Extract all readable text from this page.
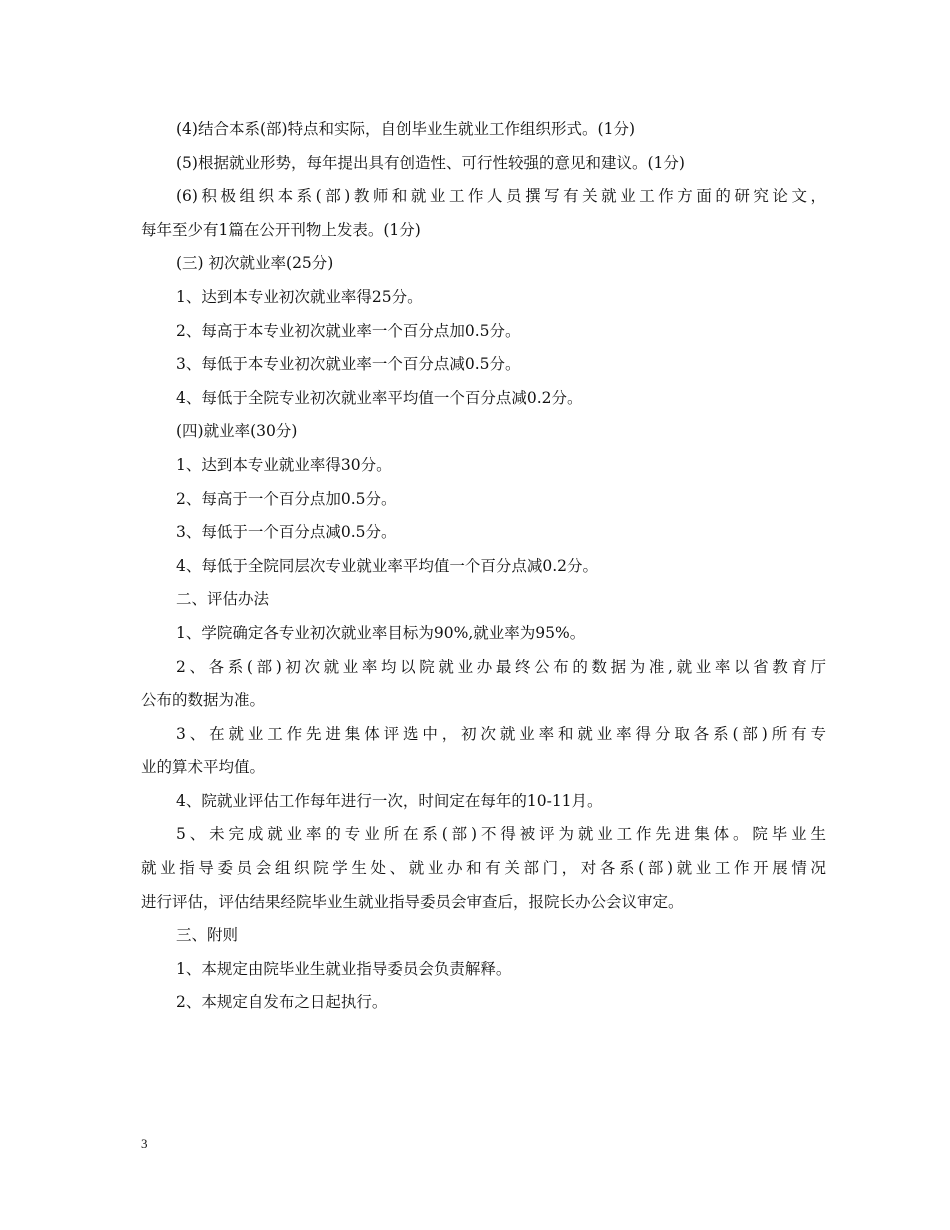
(4)结合本系(部)特点和实际，自创毕业生就业工作组织形式。(1分)
(5)根据就业形势，每年提出具有创造性、可行性较强的意见和建议。(1分)
(6)积极组织本系(部)教师和就业工作人员撰写有关就业工作方面的研究论文，
每年至少有1篇在公开刊物上发表。(1分)
(三) 初次就业率(25分)
1、达到本专业初次就业率得25分。
2、每高于本专业初次就业率一个百分点加0.5分。
3、每低于本专业初次就业率一个百分点减0.5分。
4、每低于全院专业初次就业率平均值一个百分点减0.2分。
(四)就业率(30分)
1、达到本专业就业率得30分。
2、每高于一个百分点加0.5分。
3、每低于一个百分点减0.5分。
4、每低于全院同层次专业就业率平均值一个百分点减0.2分。
二、评估办法
1、学院确定各专业初次就业率目标为90%,就业率为95%。
2、各系(部)初次就业率均以院就业办最终公布的数据为准,就业率以省教育厅
公布的数据为准。
3、在就业工作先进集体评选中，初次就业率和就业率得分取各系(部)所有专
业的算术平均值。
4、院就业评估工作每年进行一次，时间定在每年的10-11月。
5、未完成就业率的专业所在系(部)不得被评为就业工作先进集体。院毕业生
就业指导委员会组织院学生处、就业办和有关部门，对各系(部)就业工作开展情况
进行评估，评估结果经院毕业生就业指导委员会审查后，报院长办公会议审定。
三、附则
1、本规定由院毕业生就业指导委员会负责解释。
2、本规定自发布之日起执行。
3
